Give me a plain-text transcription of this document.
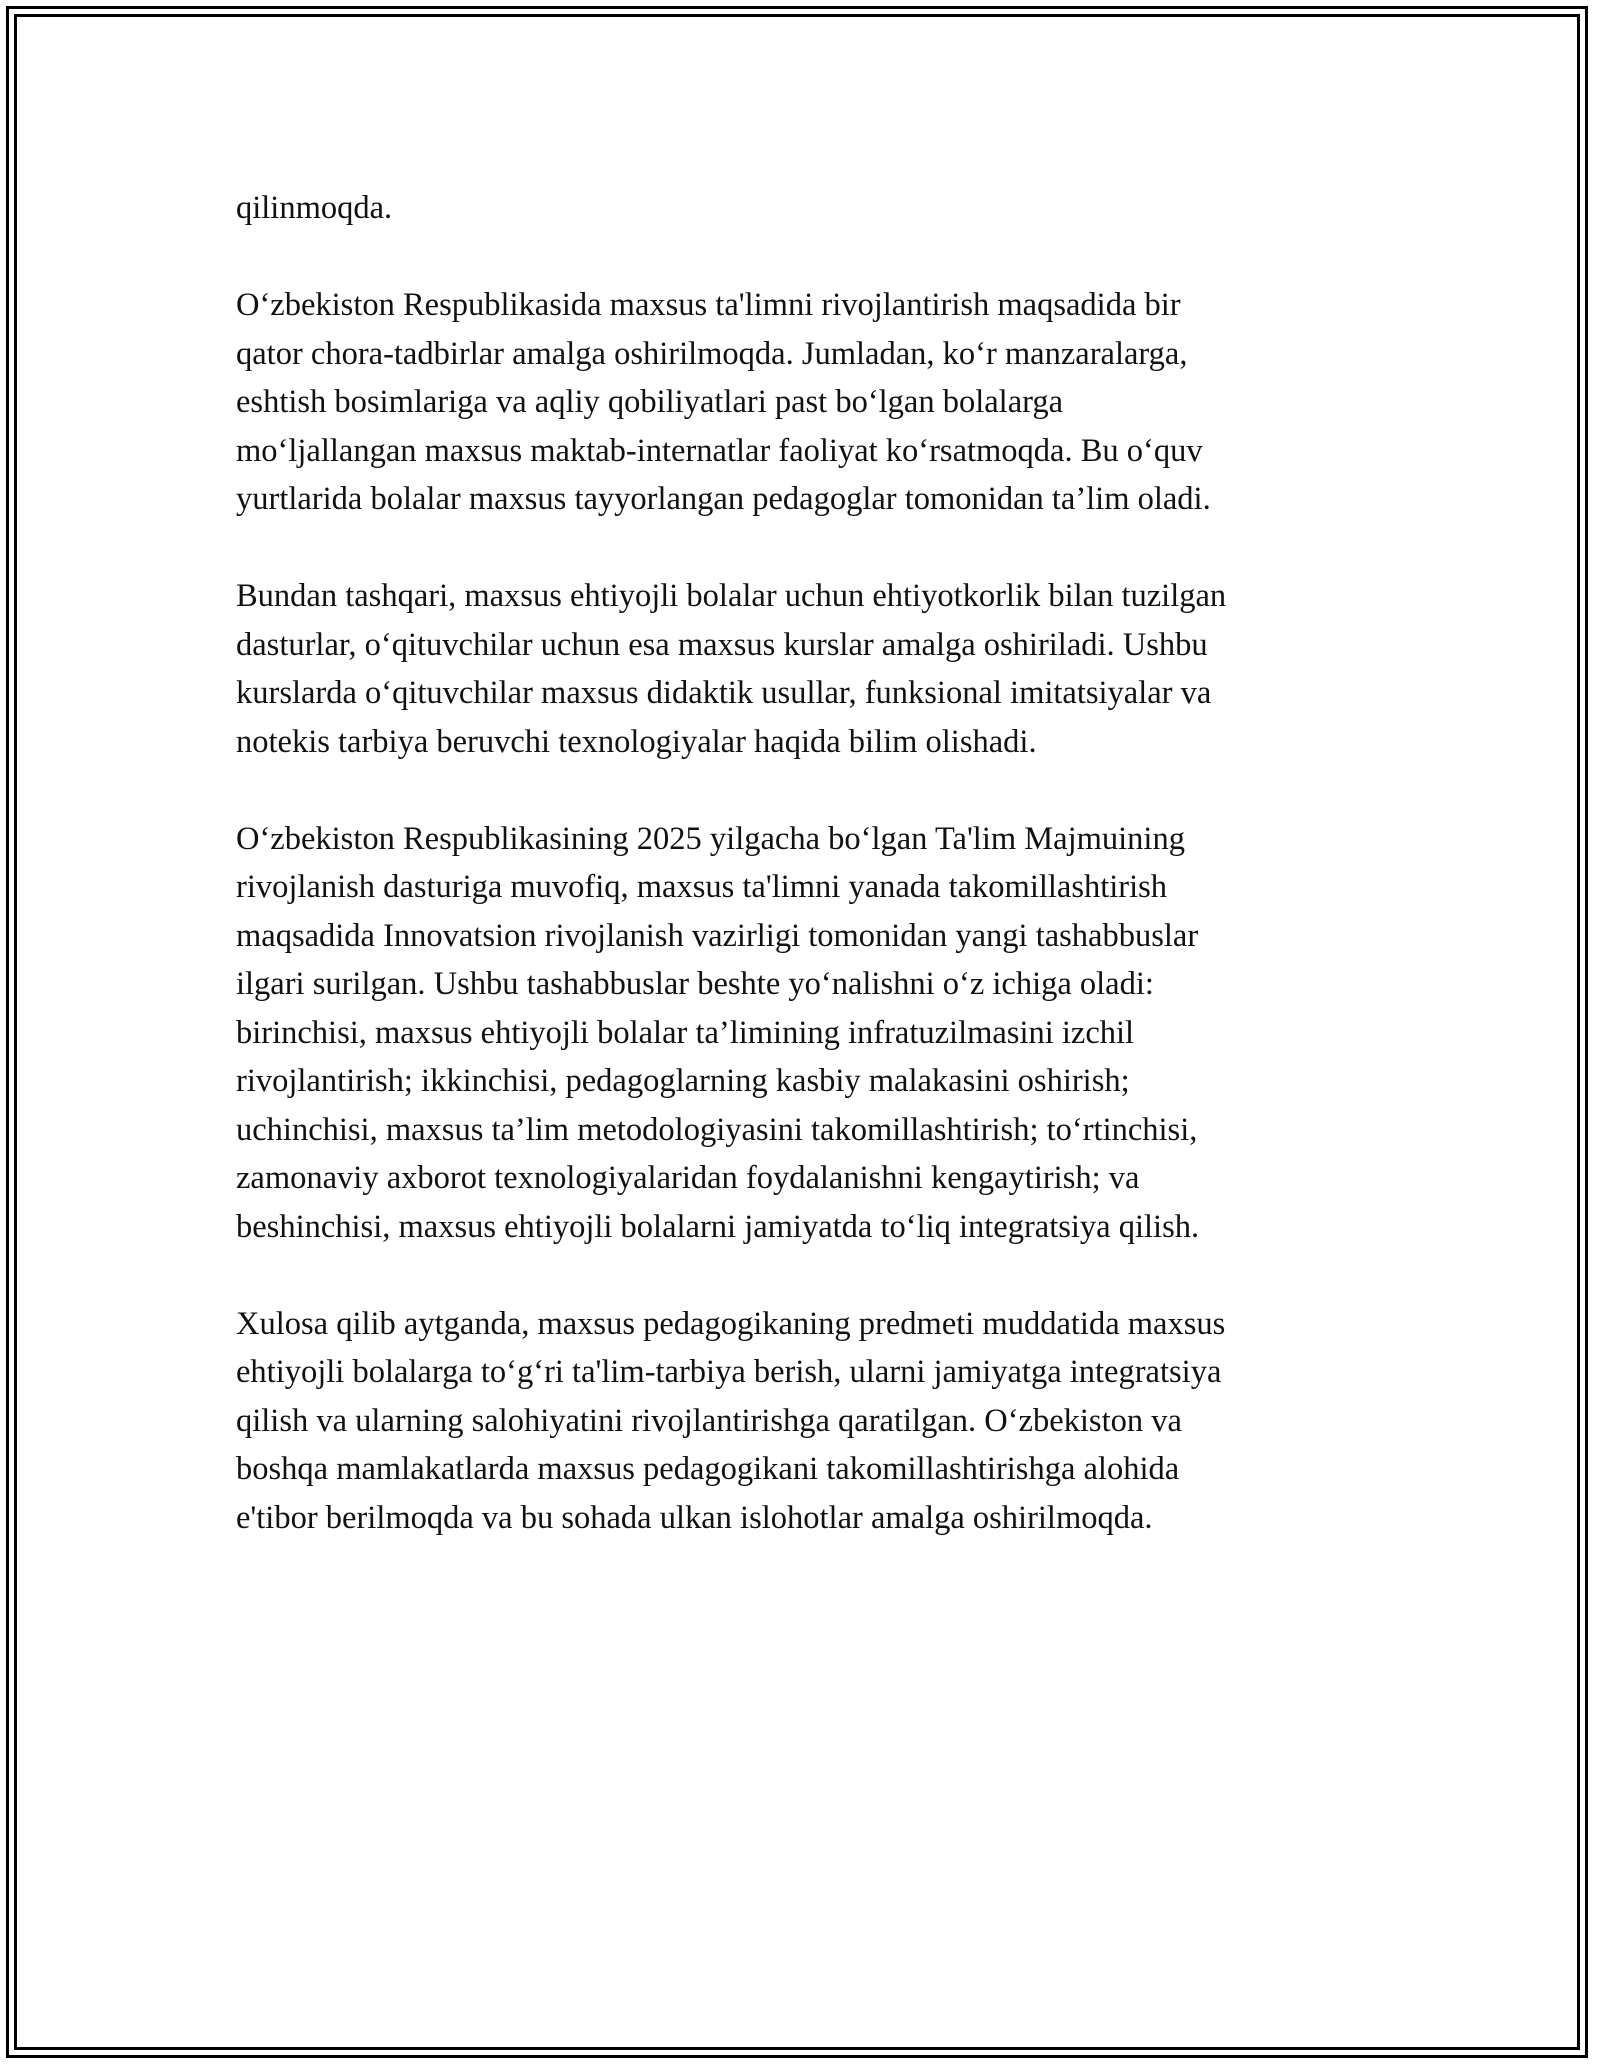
qilinmoqda.

O‘zbekiston Respublikasida maxsus ta'limni rivojlantirish maqsadida bir
qator chora-tadbirlar amalga oshirilmoqda. Jumladan, ko‘r manzaralarga,
eshtish bosimlariga va aqliy qobiliyatlari past bo‘lgan bolalarga
mo‘ljallangan maxsus maktab-internatlar faoliyat ko‘rsatmoqda. Bu o‘quv
yurtlarida bolalar maxsus tayyorlangan pedagoglar tomonidan ta’lim oladi.

Bundan tashqari, maxsus ehtiyojli bolalar uchun ehtiyotkorlik bilan tuzilgan
dasturlar, o‘qituvchilar uchun esa maxsus kurslar amalga oshiriladi. Ushbu
kurslarda o‘qituvchilar maxsus didaktik usullar, funksional imitatsiyalar va
notekis tarbiya beruvchi texnologiyalar haqida bilim olishadi.

O‘zbekiston Respublikasining 2025 yilgacha bo‘lgan Ta'lim Majmuining
rivojlanish dasturiga muvofiq, maxsus ta'limni yanada takomillashtirish
maqsadida Innovatsion rivojlanish vazirligi tomonidan yangi tashabbuslar
ilgari surilgan. Ushbu tashabbuslar beshte yo‘nalishni o‘z ichiga oladi:
birinchisi, maxsus ehtiyojli bolalar ta’limining infratuzilmasini izchil
rivojlantirish; ikkinchisi, pedagoglarning kasbiy malakasini oshirish;
uchinchisi, maxsus ta’lim metodologiyasini takomillashtirish; to‘rtinchisi,
zamonaviy axborot texnologiyalaridan foydalanishni kengaytirish; va
beshinchisi, maxsus ehtiyojli bolalarni jamiyatda to‘liq integratsiya qilish.

Xulosa qilib aytganda, maxsus pedagogikaning predmeti muddatida maxsus
ehtiyojli bolalarga to‘g‘ri ta'lim-tarbiya berish, ularni jamiyatga integratsiya
qilish va ularning salohiyatini rivojlantirishga qaratilgan. O‘zbekiston va
boshqa mamlakatlarda maxsus pedagogikani takomillashtirishga alohida
e'tibor berilmoqda va bu sohada ulkan islohotlar amalga oshirilmoqda.
